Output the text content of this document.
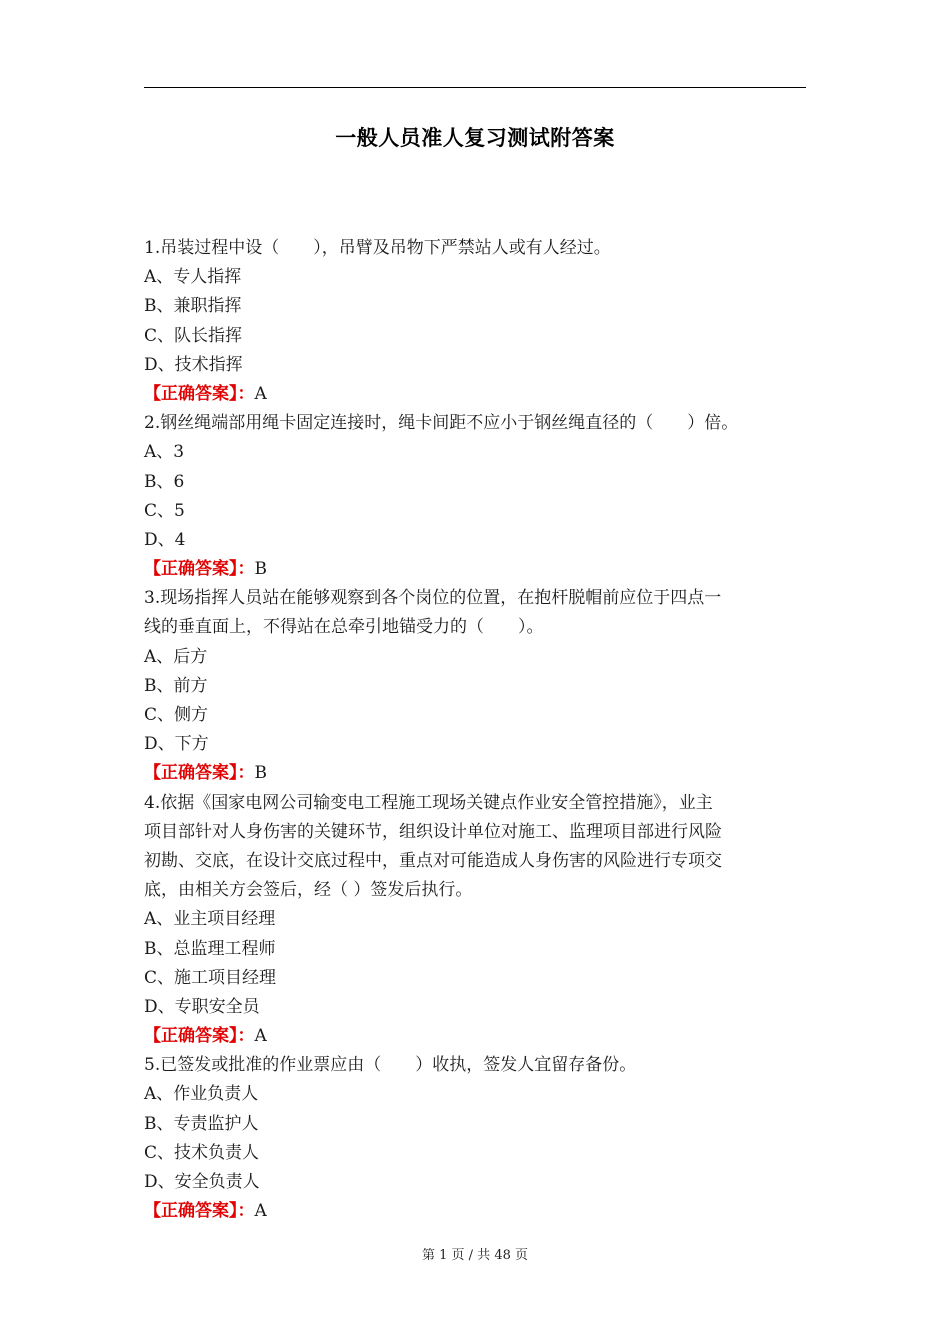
一般人员准人复习测试附答案
1.吊装过程中设（　　），吊臂及吊物下严禁站人或有人经过。
A、专人指挥
B、兼职指挥
C、队长指挥
D、技术指挥
【正确答案】：A
2.钢丝绳端部用绳卡固定连接时，绳卡间距不应小于钢丝绳直径的（　　）倍。
A、3
B、6
C、5
D、4
【正确答案】：B
3.现场指挥人员站在能够观察到各个岗位的位置，在抱杆脱帽前应位于四点一
线的垂直面上，不得站在总牵引地锚受力的（　　）。
A、后方
B、前方
C、侧方
D、下方
【正确答案】：B
4.依据《国家电网公司输变电工程施工现场关键点作业安全管控措施》，业主
项目部针对人身伤害的关键环节，组织设计单位对施工、监理项目部进行风险
初勘、交底，在设计交底过程中，重点对可能造成人身伤害的风险进行专项交
底，由相关方会签后，经（ ）签发后执行。
A、业主项目经理
B、总监理工程师
C、施工项目经理
D、专职安全员
【正确答案】：A
5.已签发或批准的作业票应由（　　）收执，签发人宜留存备份。
A、作业负责人
B、专责监护人
C、技术负责人
D、安全负责人
【正确答案】：A
第 1 页 / 共 48 页
